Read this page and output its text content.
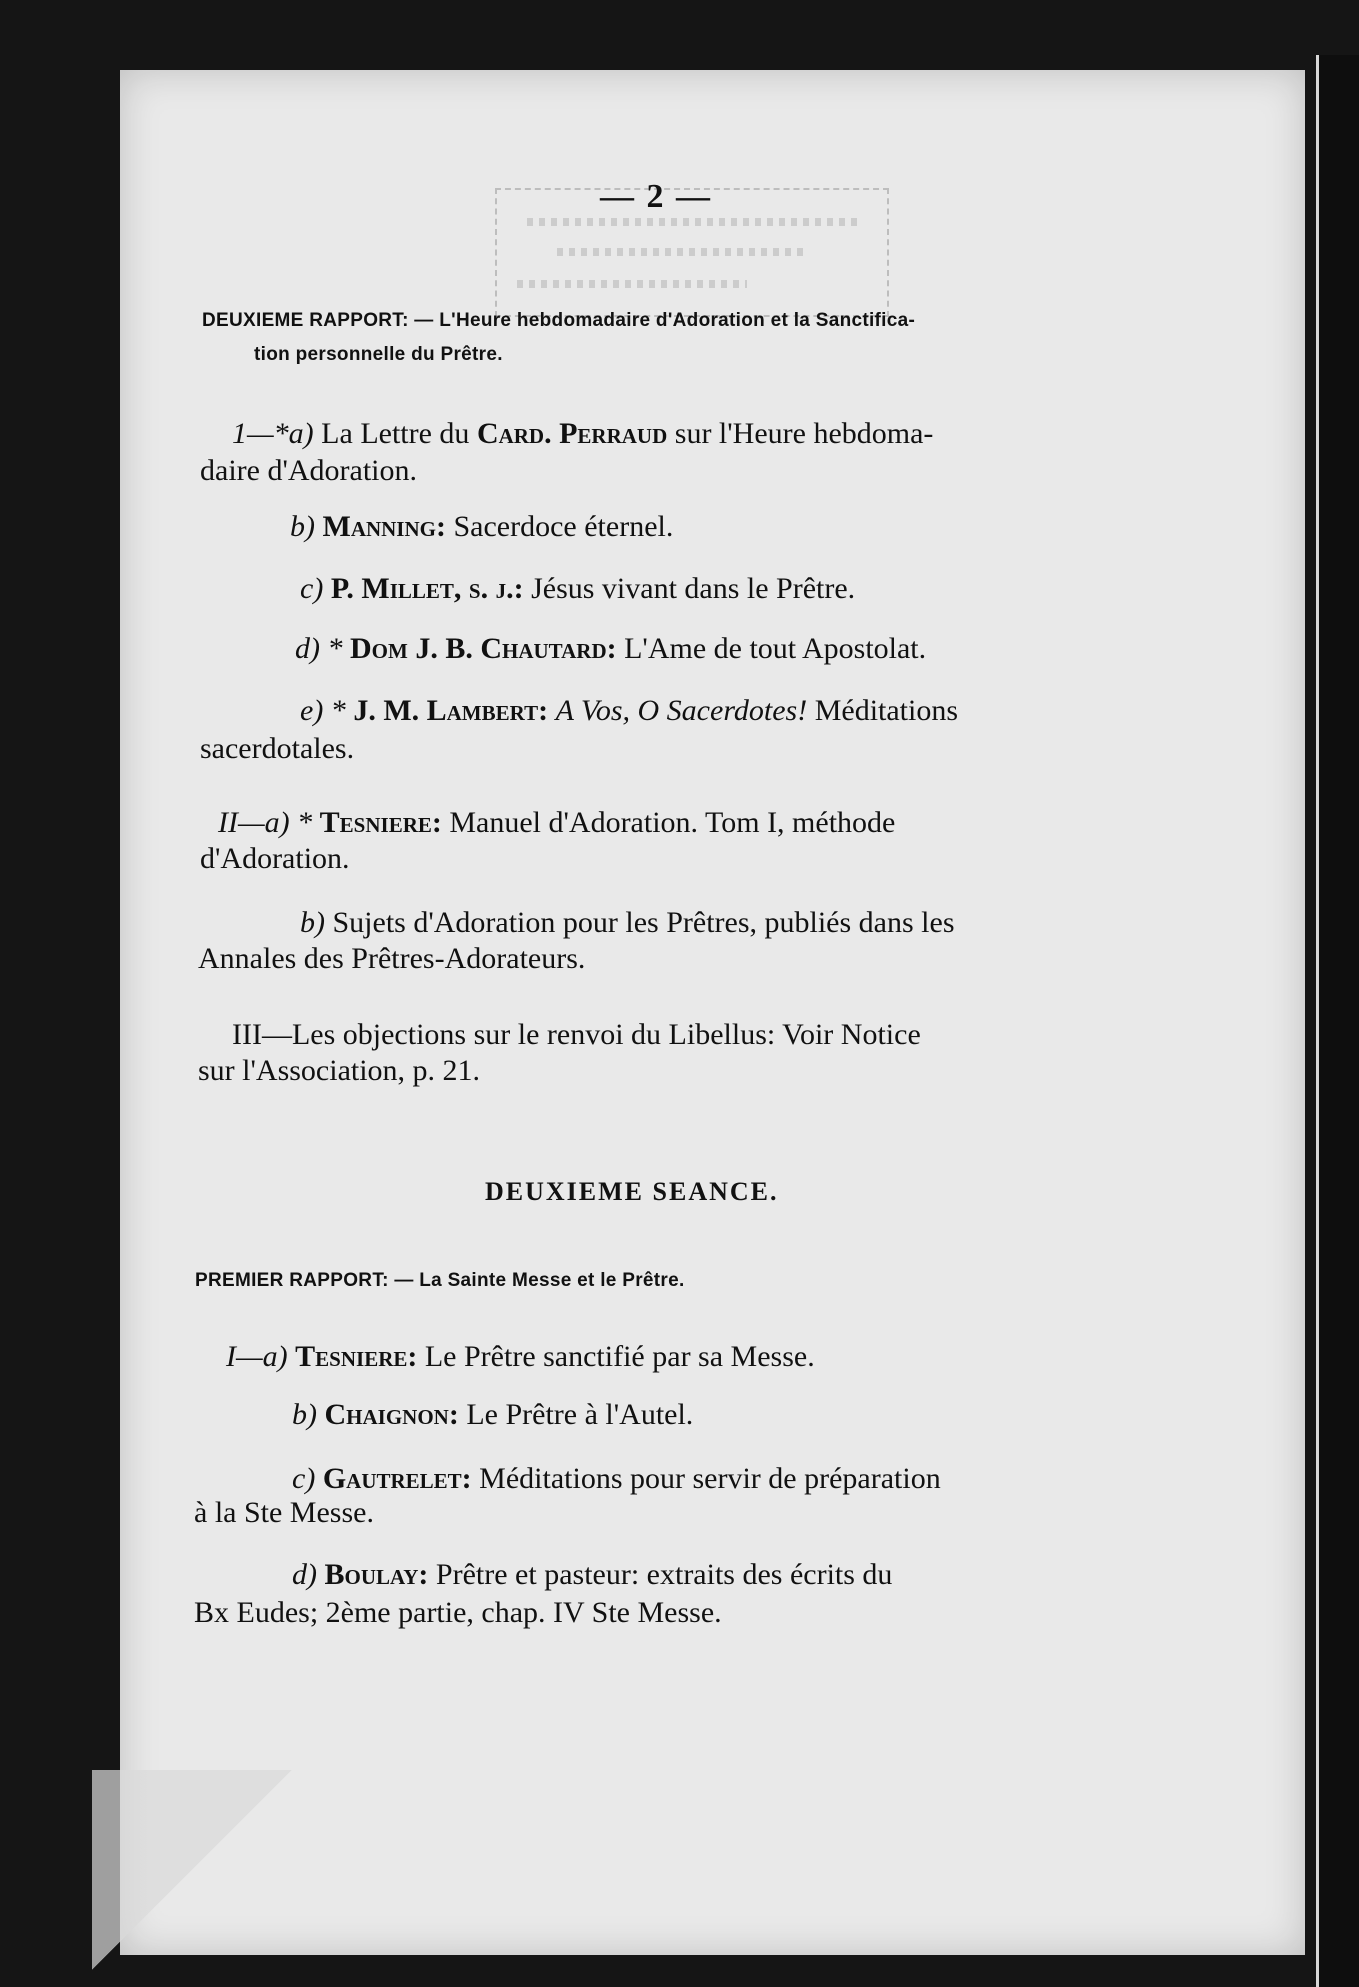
— 2 —
DEUXIEME RAPPORT: — L'Heure hebdomadaire d'Adoration et la Sanctifica-
tion personnelle du Prêtre.
1—*a) La Lettre du Card. Perraud sur l'Heure hebdoma-
daire d'Adoration.
b) Manning: Sacerdoce éternel.
c) P. Millet, s. j.: Jésus vivant dans le Prêtre.
d) * Dom J. B. Chautard: L'Ame de tout Apostolat.
e) * J. M. Lambert: A Vos, O Sacerdotes! Méditations
sacerdotales.
II—a) * Tesniere: Manuel d'Adoration. Tom I, méthode
d'Adoration.
b) Sujets d'Adoration pour les Prêtres, publiés dans les
Annales des Prêtres-Adorateurs.
III—Les objections sur le renvoi du Libellus: Voir Notice
sur l'Association, p. 21.
DEUXIEME SEANCE.
PREMIER RAPPORT: — La Sainte Messe et le Prêtre.
I—a) Tesniere: Le Prêtre sanctifié par sa Messe.
b) Chaignon: Le Prêtre à l'Autel.
c) Gautrelet: Méditations pour servir de préparation
à la Ste Messe.
d) Boulay: Prêtre et pasteur: extraits des écrits du
Bx Eudes; 2ème partie, chap. IV Ste Messe.
